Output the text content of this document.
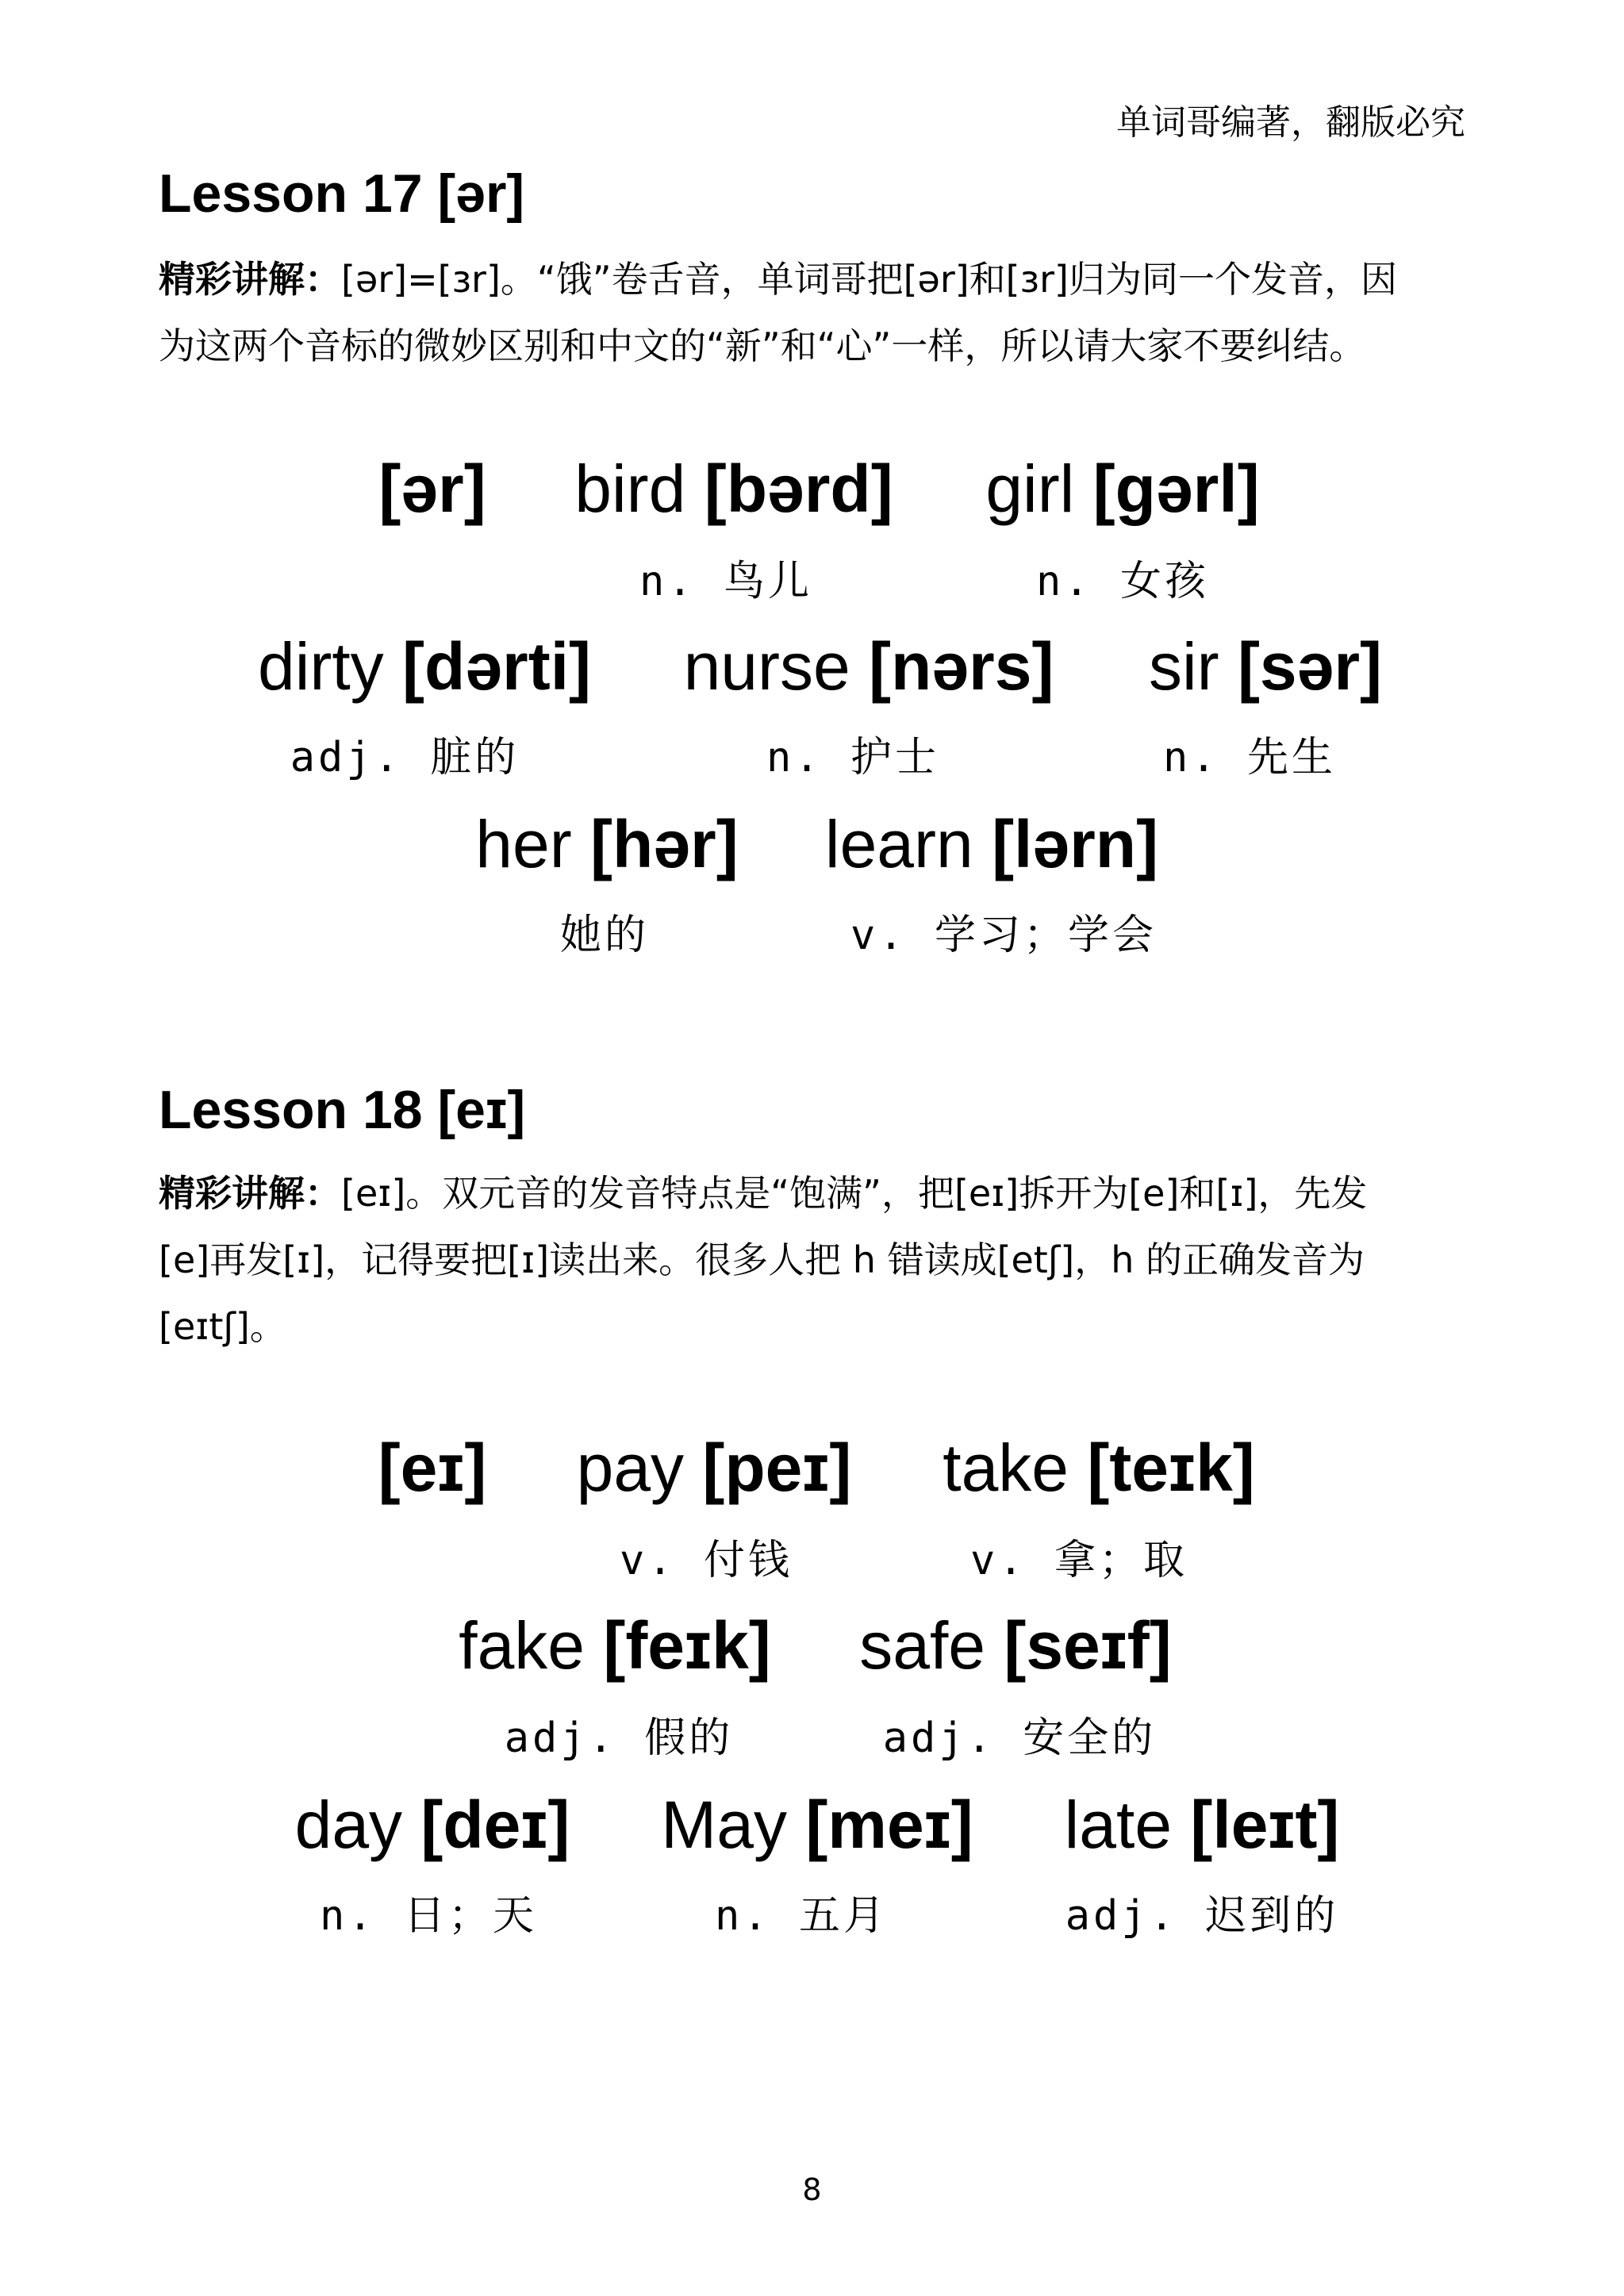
单词哥编著，翻版必究
Lesson 17 [ər]
精彩讲解：[ər]=[ɜr]。“饿”卷舌音，单词哥把[ər]和[ɜr]归为同一个发音，因
为这两个音标的微妙区别和中文的“新”和“心”一样，所以请大家不要纠结。
[ər] bird [bərd] girl [gərl]
n. 鸟儿	n. 女孩
dirty [dərti] nurse [nərs] sir [sər]
adj. 脏的	n. 护士	n. 先生
her [hər] learn [lərn]
她的	v. 学习；学会
Lesson 18 [eɪ]
精彩讲解：[eɪ]。双元音的发音特点是“饱满”，把[eɪ]拆开为[e]和[ɪ]，先发
[e]再发[ɪ]，记得要把[ɪ]读出来。很多人把 h 错读成[etʃ]，h 的正确发音为
[eɪtʃ]。
[eɪ] pay [peɪ] take [teɪk]
v. 付钱	v. 拿；取
fake [feɪk] safe [seɪf]
adj. 假的	adj. 安全的
day [deɪ] May [meɪ] late [leɪt]
n. 日；天	n. 五月	adj. 迟到的
8
